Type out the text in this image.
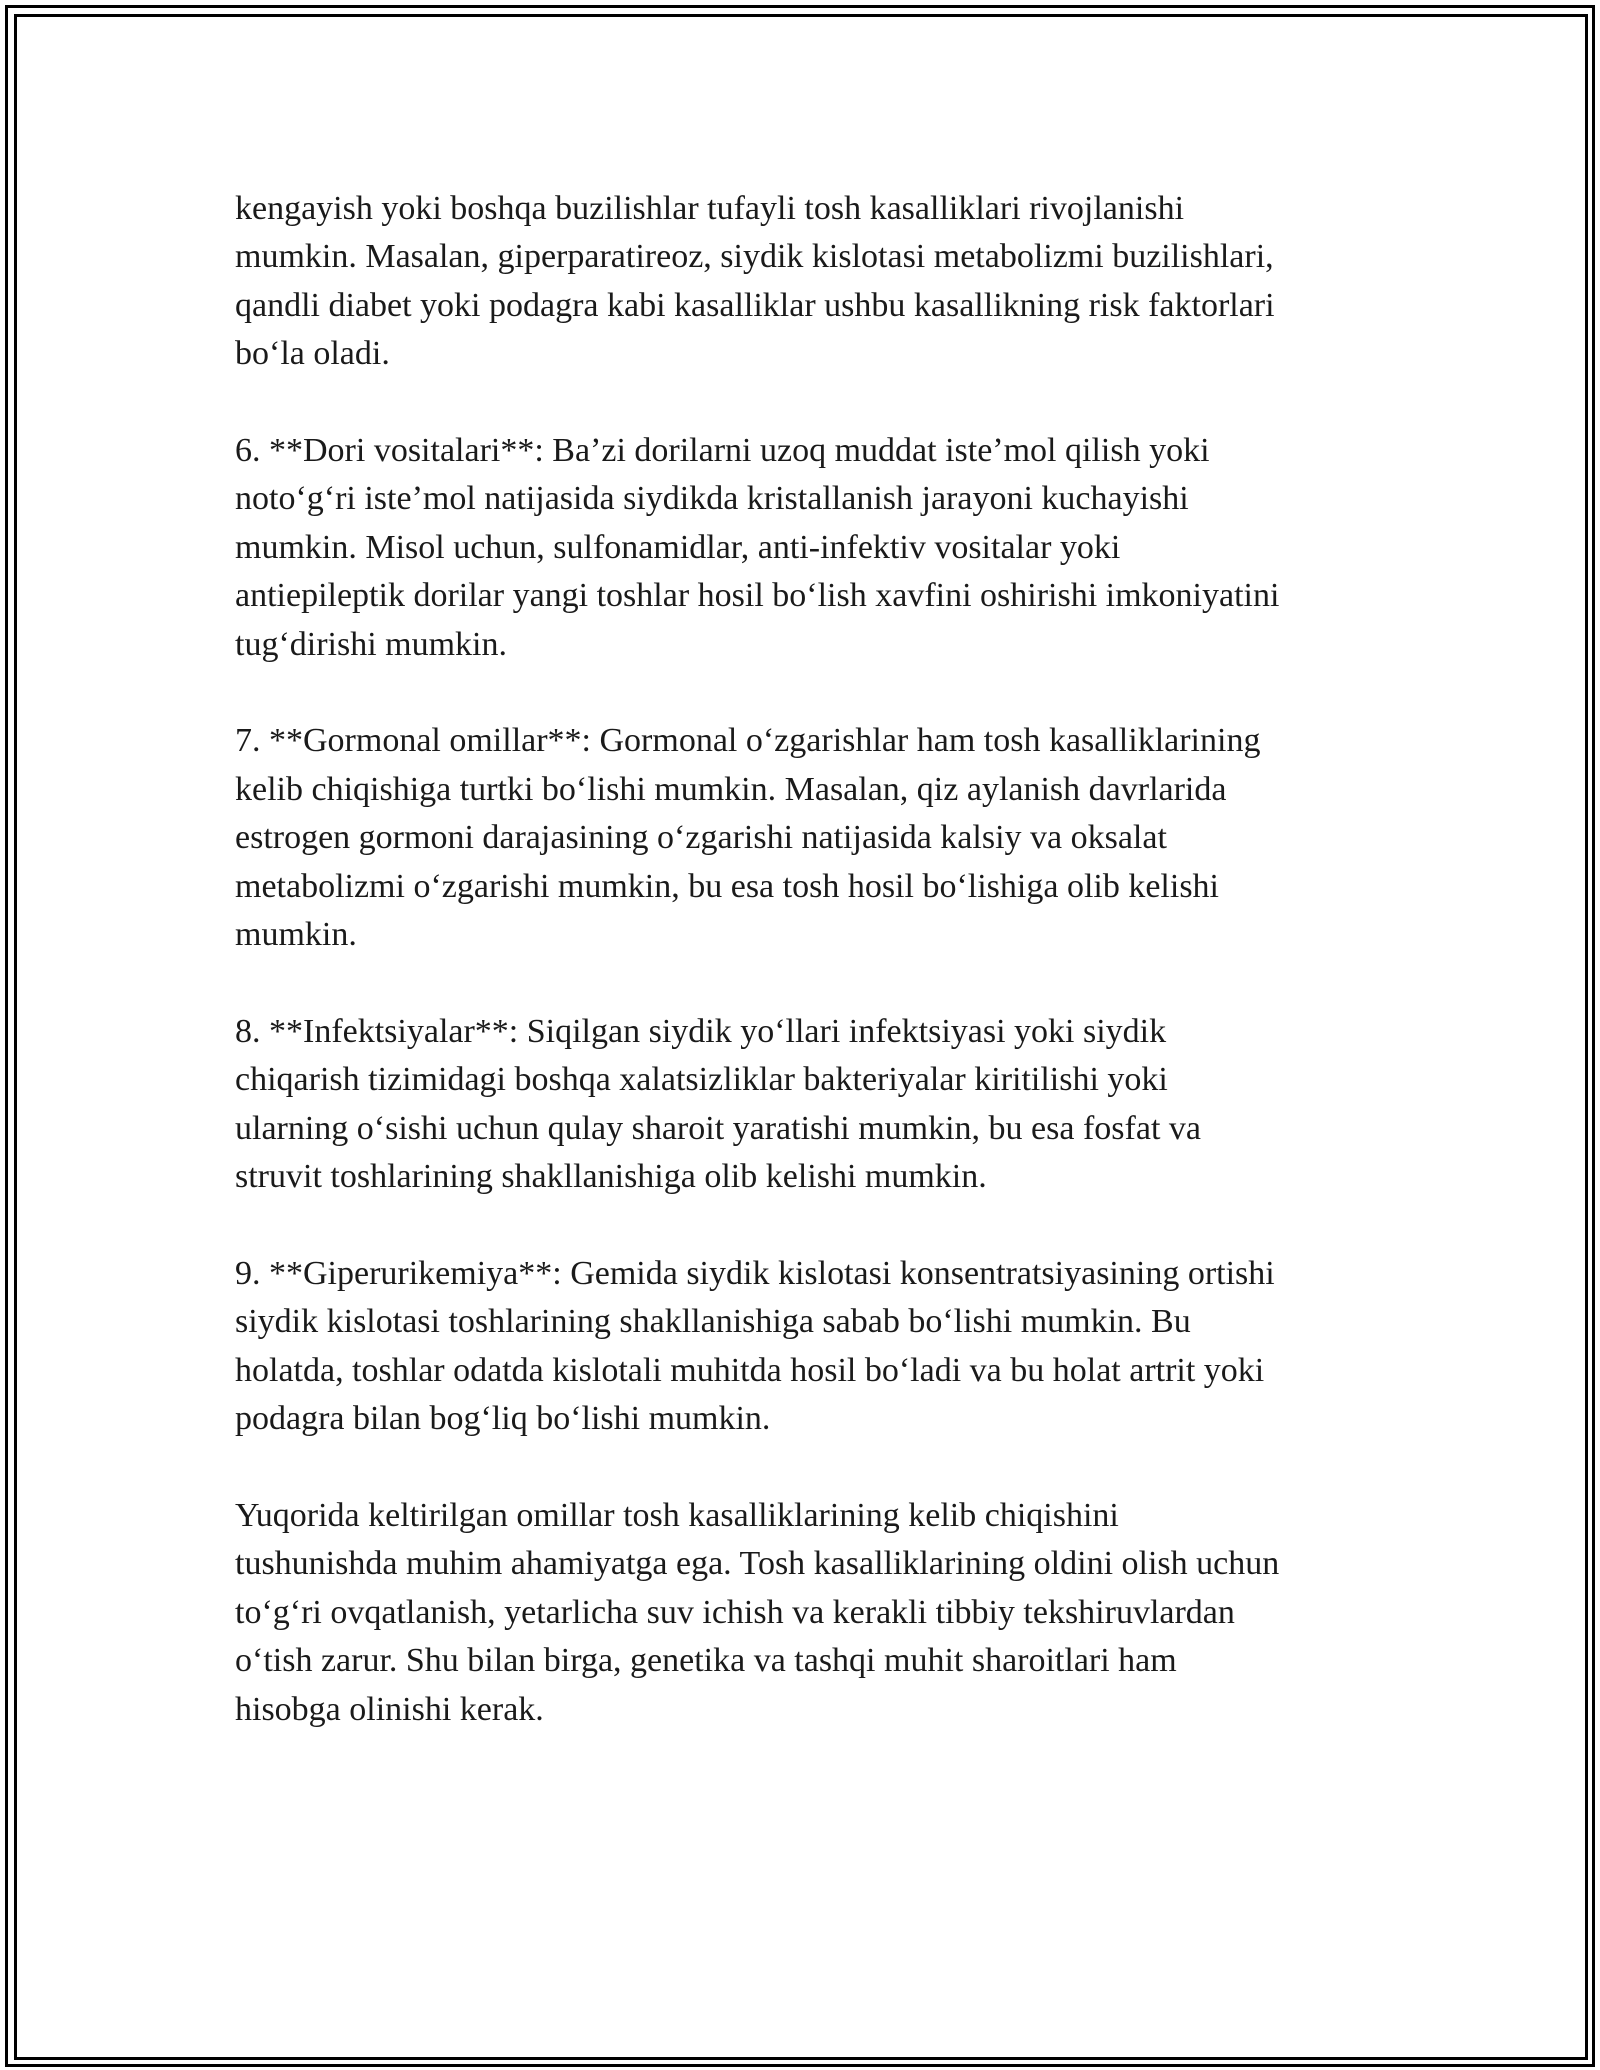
kengayish yoki boshqa buzilishlar tufayli tosh kasalliklari rivojlanishi
mumkin. Masalan, giperparatireoz, siydik kislotasi metabolizmi buzilishlari,
qandli diabet yoki podagra kabi kasalliklar ushbu kasallikning risk faktorlari
boʻla oladi.

6. **Dori vositalari**: Baʼzi dorilarni uzoq muddat isteʼmol qilish yoki
notoʻgʻri isteʼmol natijasida siydikda kristallanish jarayoni kuchayishi
mumkin. Misol uchun, sulfonamidlar, anti-infektiv vositalar yoki
antiepileptik dorilar yangi toshlar hosil boʻlish xavfini oshirishi imkoniyatini
tugʻdirishi mumkin.

7. **Gormonal omillar**: Gormonal oʻzgarishlar ham tosh kasalliklarining
kelib chiqishiga turtki boʻlishi mumkin. Masalan, qiz aylanish davrlarida
estrogen gormoni darajasining oʻzgarishi natijasida kalsiy va oksalat
metabolizmi oʻzgarishi mumkin, bu esa tosh hosil boʻlishiga olib kelishi
mumkin.

8. **Infektsiyalar**: Siqilgan siydik yoʻllari infektsiyasi yoki siydik
chiqarish tizimidagi boshqa xalatsizliklar bakteriyalar kiritilishi yoki
ularning oʻsishi uchun qulay sharoit yaratishi mumkin, bu esa fosfat va
struvit toshlarining shakllanishiga olib kelishi mumkin.

9. **Giperurikemiya**: Gemida siydik kislotasi konsentratsiyasining ortishi
siydik kislotasi toshlarining shakllanishiga sabab boʻlishi mumkin. Bu
holatda, toshlar odatda kislotali muhitda hosil boʻladi va bu holat artrit yoki
podagra bilan bogʻliq boʻlishi mumkin.

Yuqorida keltirilgan omillar tosh kasalliklarining kelib chiqishini
tushunishda muhim ahamiyatga ega. Tosh kasalliklarining oldini olish uchun
toʻgʻri ovqatlanish, yetarlicha suv ichish va kerakli tibbiy tekshiruvlardan
oʻtish zarur. Shu bilan birga, genetika va tashqi muhit sharoitlari ham
hisobga olinishi kerak.
